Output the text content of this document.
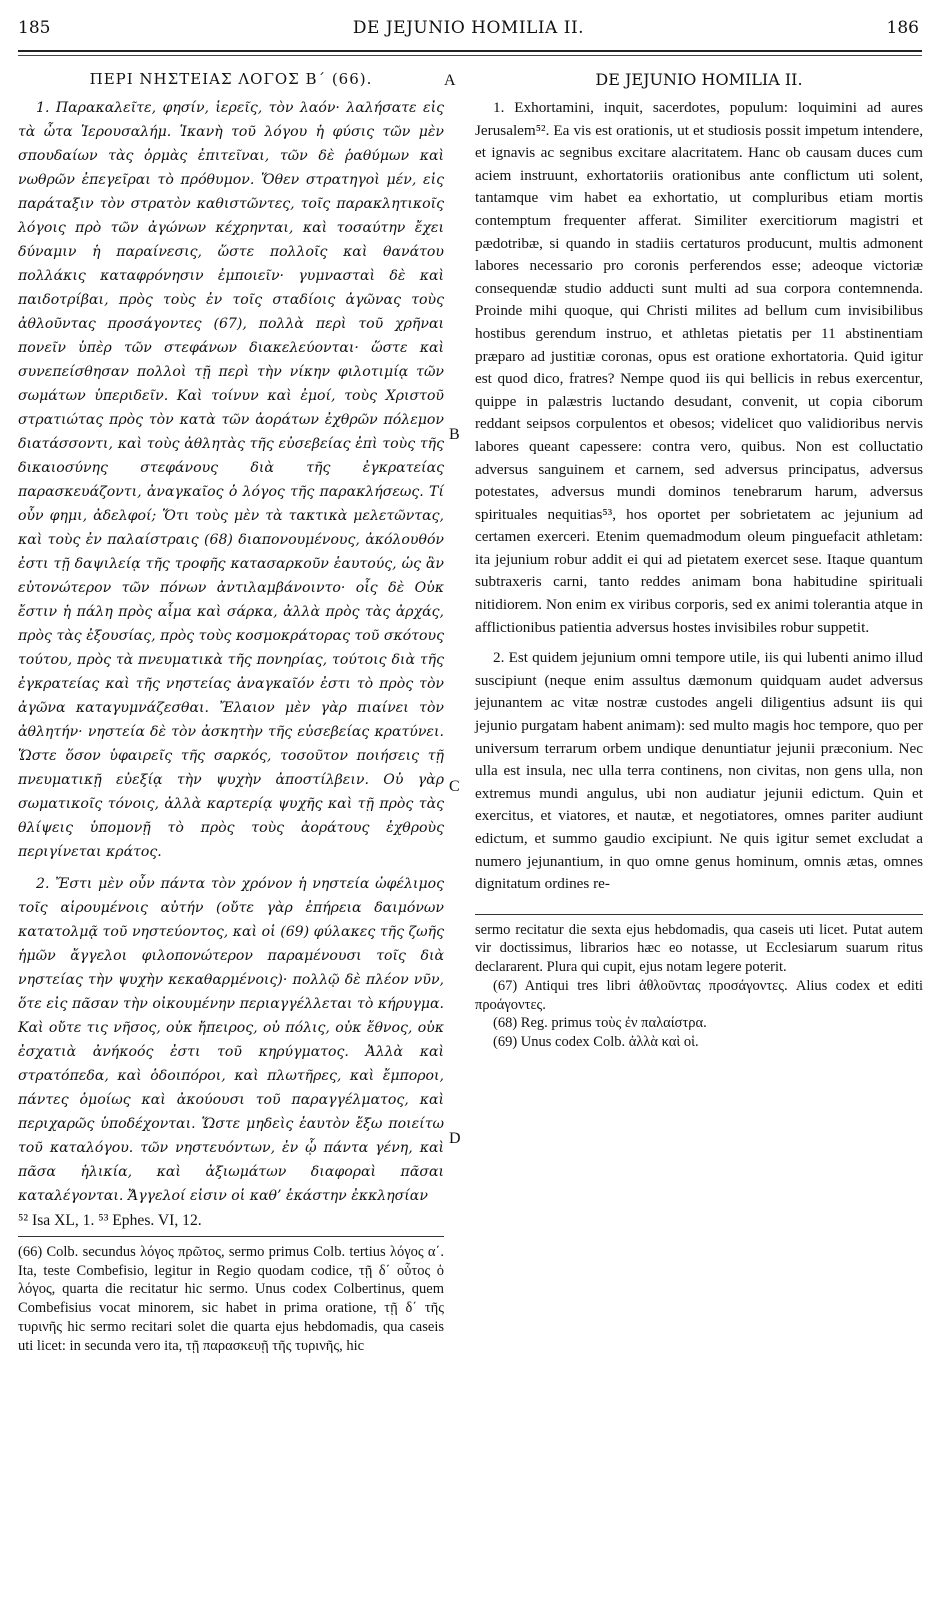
185	DE JEJUNIO HOMILIA II.	186
A
B
C
D
ΠΕΡΙ ΝΗΣΤΕΙΑΣ ΛΟΓΟΣ Β΄ (66).

1. Παρακαλεῖτε, φησίν, ἱερεῖς, τὸν λαόν· λαλήσατε εἰς τὰ ὦτα Ἱερουσαλήμ. Ἱκανὴ τοῦ λόγου ἡ φύσις τῶν μὲν σπουδαίων τὰς ὁρμὰς ἐπιτεῖναι, τῶν δὲ ῥαθύμων καὶ νωθρῶν ἐπεγεῖραι τὸ πρόθυμον. Ὅθεν στρατηγοὶ μέν, εἰς παράταξιν τὸν στρατὸν καθιστῶντες, τοῖς παρακλητικοῖς λόγοις πρὸ τῶν ἀγώνων κέχρηνται, καὶ τοσαύτην ἔχει δύναμιν ἡ παραίνεσις, ὥστε πολλοῖς καὶ θανάτου πολλάκις καταφρόνησιν ἐμποιεῖν· γυμνασταὶ δὲ καὶ παιδοτρίβαι, πρὸς τοὺς ἐν τοῖς σταδίοις ἀγῶνας τοὺς ἀθλοῦντας προσάγοντες (67), πολλὰ περὶ τοῦ χρῆναι πονεῖν ὑπὲρ τῶν στεφάνων διακελεύονται· ὥστε καὶ συνεπείσθησαν πολλοὶ τῇ περὶ τὴν νίκην φιλοτιμίᾳ τῶν σωμάτων ὑπεριδεῖν. Καὶ τοίνυν καὶ ἐμοί, τοὺς Χριστοῦ στρατιώτας πρὸς τὸν κατὰ τῶν ἀοράτων ἐχθρῶν πόλεμον διατάσσοντι, καὶ τοὺς ἀθλητὰς τῆς εὐσεβείας ἐπὶ τοὺς τῆς δικαιοσύνης στεφάνους διὰ τῆς ἐγκρατείας παρασκευάζοντι, ἀναγκαῖος ὁ λόγος τῆς παρακλήσεως. Τί οὖν φημι, ἀδελφοί; Ὅτι τοὺς μὲν τὰ τακτικὰ μελετῶντας, καὶ τοὺς ἐν παλαίστραις (68) διαπονουμένους, ἀκόλουθόν ἐστι τῇ δαψιλείᾳ τῆς τροφῆς κατασαρκοῦν ἑαυτούς, ὡς ἂν εὐτονώτερον τῶν πόνων ἀντιλαμβάνοιντο· οἷς δὲ Οὐκ ἔστιν ἡ πάλη πρὸς αἷμα καὶ σάρκα, ἀλλὰ πρὸς τὰς ἀρχάς, πρὸς τὰς ἐξουσίας, πρὸς τοὺς κοσμοκράτορας τοῦ σκότους τούτου, πρὸς τὰ πνευματικὰ τῆς πονηρίας, τούτοις διὰ τῆς ἐγκρατείας καὶ τῆς νηστείας ἀναγκαῖόν ἐστι τὸ πρὸς τὸν ἀγῶνα καταγυμνάζεσθαι. Ἔλαιον μὲν γὰρ πιαίνει τὸν ἀθλητήν· νηστεία δὲ τὸν ἀσκητὴν τῆς εὐσεβείας κρατύνει. Ὥστε ὅσον ὑφαιρεῖς τῆς σαρκός, τοσοῦτον ποιήσεις τῇ πνευματικῇ εὐεξίᾳ τὴν ψυχὴν ἀποστίλβειν. Οὐ γὰρ σωματικοῖς τόνοις, ἀλλὰ καρτερίᾳ ψυχῆς καὶ τῇ πρὸς τὰς θλίψεις ὑπομονῇ τὸ πρὸς τοὺς ἀοράτους ἐχθροὺς περιγίνεται κράτος.

2. Ἔστι μὲν οὖν πάντα τὸν χρόνον ἡ νηστεία ὠφέλιμος τοῖς αἱρουμένοις αὐτήν (οὔτε γὰρ ἐπήρεια δαιμόνων κατατολμᾷ τοῦ νηστεύοντος, καὶ οἱ (69) φύλακες τῆς ζωῆς ἡμῶν ἄγγελοι φιλοπονώτερον παραμένουσι τοῖς διὰ νηστείας τὴν ψυχὴν κεκαθαρμένοις)· πολλῷ δὲ πλέον νῦν, ὅτε εἰς πᾶσαν τὴν οἰκουμένην περιαγγέλλεται τὸ κήρυγμα. Καὶ οὔτε τις νῆσος, οὐκ ἤπειρος, οὐ πόλις, οὐκ ἔθνος, οὐκ ἐσχατιὰ ἀνήκοός ἐστι τοῦ κηρύγματος. Ἀλλὰ καὶ στρατόπεδα, καὶ ὁδοιπόροι, καὶ πλωτῆρες, καὶ ἔμποροι, πάντες ὁμοίως καὶ ἀκούουσι τοῦ παραγγέλματος, καὶ περιχαρῶς ὑποδέχονται. Ὥστε μηδεὶς ἑαυτὸν ἔξω ποιείτω τοῦ καταλόγου. τῶν νηστευόντων, ἐν ᾧ πάντα γένη, καὶ πᾶσα ἡλικία, καὶ ἀξιωμάτων διαφοραὶ πᾶσαι καταλέγονται. Ἄγγελοί εἰσιν οἱ καθ’ ἑκάστην ἐκκλησίαν

⁵² Isa XL, 1. ⁵³ Ephes. VI, 12.

(66) Colb. secundus λόγος πρῶτος, sermo primus Colb. tertius λόγος α΄. Ita, teste Combefisio, legitur in Regio quodam codice, τῇ δ΄ οὗτος ὁ λόγος, quarta die recitatur hic sermo. Unus codex Colbertinus, quem Combefisius vocat minorem, sic habet in prima oratione, τῇ δ΄ τῆς τυρινῆς hic sermo recitari solet die quarta ejus hebdomadis, qua caseis uti licet: in secunda vero ita, τῇ παρασκευῇ τῆς τυρινῆς, hic

DE JEJUNIO HOMILIA II.

1. Exhortamini, inquit, sacerdotes, populum: loquimini ad aures Jerusalem⁵². Ea vis est orationis, ut et studiosis possit impetum intendere, et ignavis ac segnibus excitare alacritatem. Hanc ob causam duces cum aciem instruunt, exhortatoriis orationibus ante conflictum uti solent, tantamque vim habet ea exhortatio, ut compluribus etiam mortis contemptum frequenter afferat. Similiter exercitiorum magistri et pædotribæ, si quando in stadiis certaturos producunt, multis admonent labores necessario pro coronis perferendos esse; adeoque victoriæ consequendæ studio adducti sunt multi ad sua corpora contemnenda. Proinde mihi quoque, qui Christi milites ad bellum cum invisibilibus hostibus gerendum instruo, et athletas pietatis per 11 abstinentiam præparo ad justitiæ coronas, opus est oratione exhortatoria. Quid igitur est quod dico, fratres? Nempe quod iis qui bellicis in rebus exercentur, quippe in palæstris luctando desudant, convenit, ut copia ciborum reddant seipsos corpulentos et obesos; videlicet quo validioribus nervis labores queant capessere: contra vero, quibus. Non est colluctatio adversus sanguinem et carnem, sed adversus principatus, adversus potestates, adversus mundi dominos tenebrarum harum, adversus spirituales nequitias⁵³, hos oportet per sobrietatem ac jejunium ad certamen exerceri. Etenim quemadmodum oleum pinguefacit athletam: ita jejunium robur addit ei qui ad pietatem exercet sese. Itaque quantum subtraxeris carni, tanto reddes animam bona habitudine spirituali nitidiorem. Non enim ex viribus corporis, sed ex animi tolerantia atque in afflictionibus patientia adversus hostes invisibiles robur suppetit.

2. Est quidem jejunium omni tempore utile, iis qui lubenti animo illud suscipiunt (neque enim assultus dæmonum quidquam audet adversus jejunantem ac vitæ nostræ custodes angeli diligentius adsunt iis qui jejunio purgatam habent animam): sed multo magis hoc tempore, quo per universum terrarum orbem undique denuntiatur jejunii præconium. Nec ulla est insula, nec ulla terra continens, non civitas, non gens ulla, non extremus mundi angulus, ubi non audiatur jejunii edictum. Quin et exercitus, et viatores, et nautæ, et negotiatores, omnes pariter audiunt edictum, et summo gaudio excipiunt. Ne quis igitur semet excludat a numero jejunantium, in quo omne genus hominum, omnis ætas, omnes dignitatum ordines re-

sermo recitatur die sexta ejus hebdomadis, qua caseis uti licet. Putat autem vir doctissimus, librarios hæc eo notasse, ut Ecclesiarum suarum ritus declararent. Plura qui cupit, ejus notam legere poterit.

(67) Antiqui tres libri ἀθλοῦντας προσάγοντες. Alius codex et editi προάγοντες.

(68) Reg. primus τοὺς ἐν παλαίστρα.

(69) Unus codex Colb. ἀλλὰ καὶ οἱ.
